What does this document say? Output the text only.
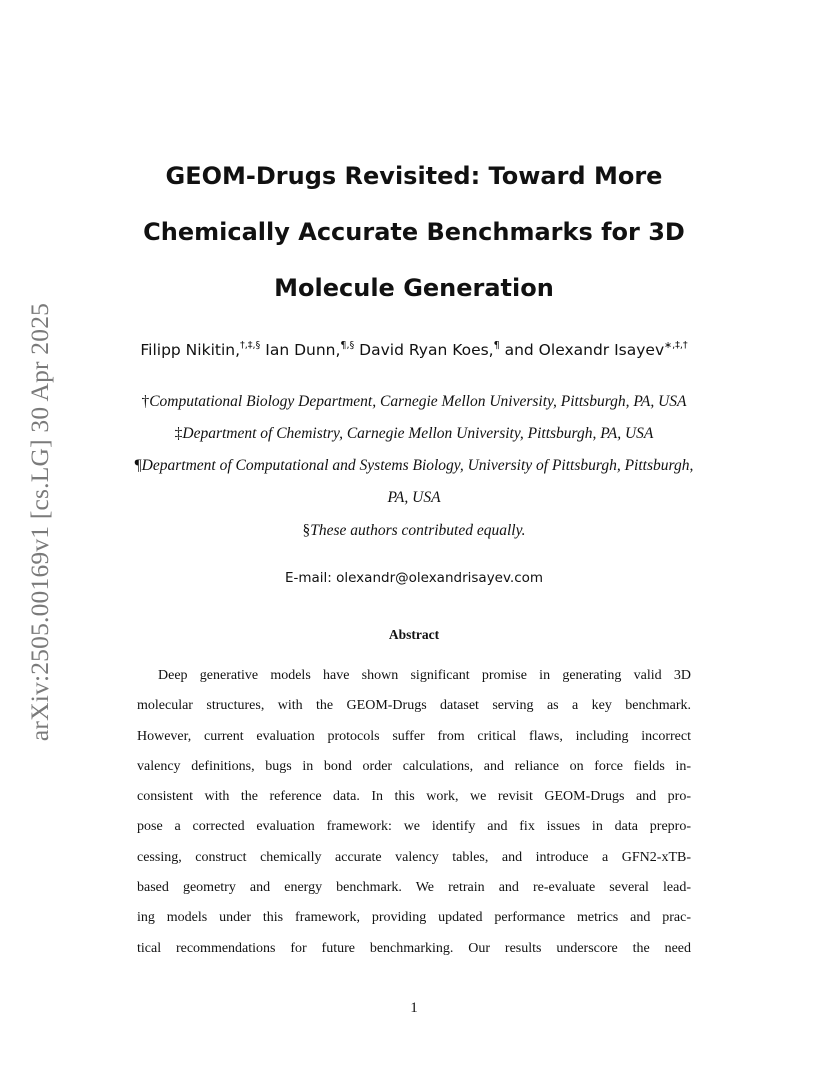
arXiv:2505.00169v1 [cs.LG] 30 Apr 2025
GEOM-Drugs Revisited: Toward More
Chemically Accurate Benchmarks for 3D
Molecule Generation
Filipp Nikitin,†,‡,§ Ian Dunn,¶,§ David Ryan Koes,¶ and Olexandr Isayev∗,‡,†
†Computational Biology Department, Carnegie Mellon University, Pittsburgh, PA, USA
‡Department of Chemistry, Carnegie Mellon University, Pittsburgh, PA, USA
¶Department of Computational and Systems Biology, University of Pittsburgh, Pittsburgh,
PA, USA
§These authors contributed equally.
E-mail: olexandr@olexandrisayev.com
Abstract
Deep generative models have shown significant promise in generating valid 3D
molecular structures, with the GEOM-Drugs dataset serving as a key benchmark.
However, current evaluation protocols suffer from critical flaws, including incorrect
valency definitions, bugs in bond order calculations, and reliance on force fields in-
consistent with the reference data. In this work, we revisit GEOM-Drugs and pro-
pose a corrected evaluation framework: we identify and fix issues in data prepro-
cessing, construct chemically accurate valency tables, and introduce a GFN2-xTB-
based geometry and energy benchmark. We retrain and re-evaluate several lead-
ing models under this framework, providing updated performance metrics and prac-
tical recommendations for future benchmarking. Our results underscore the need
1
